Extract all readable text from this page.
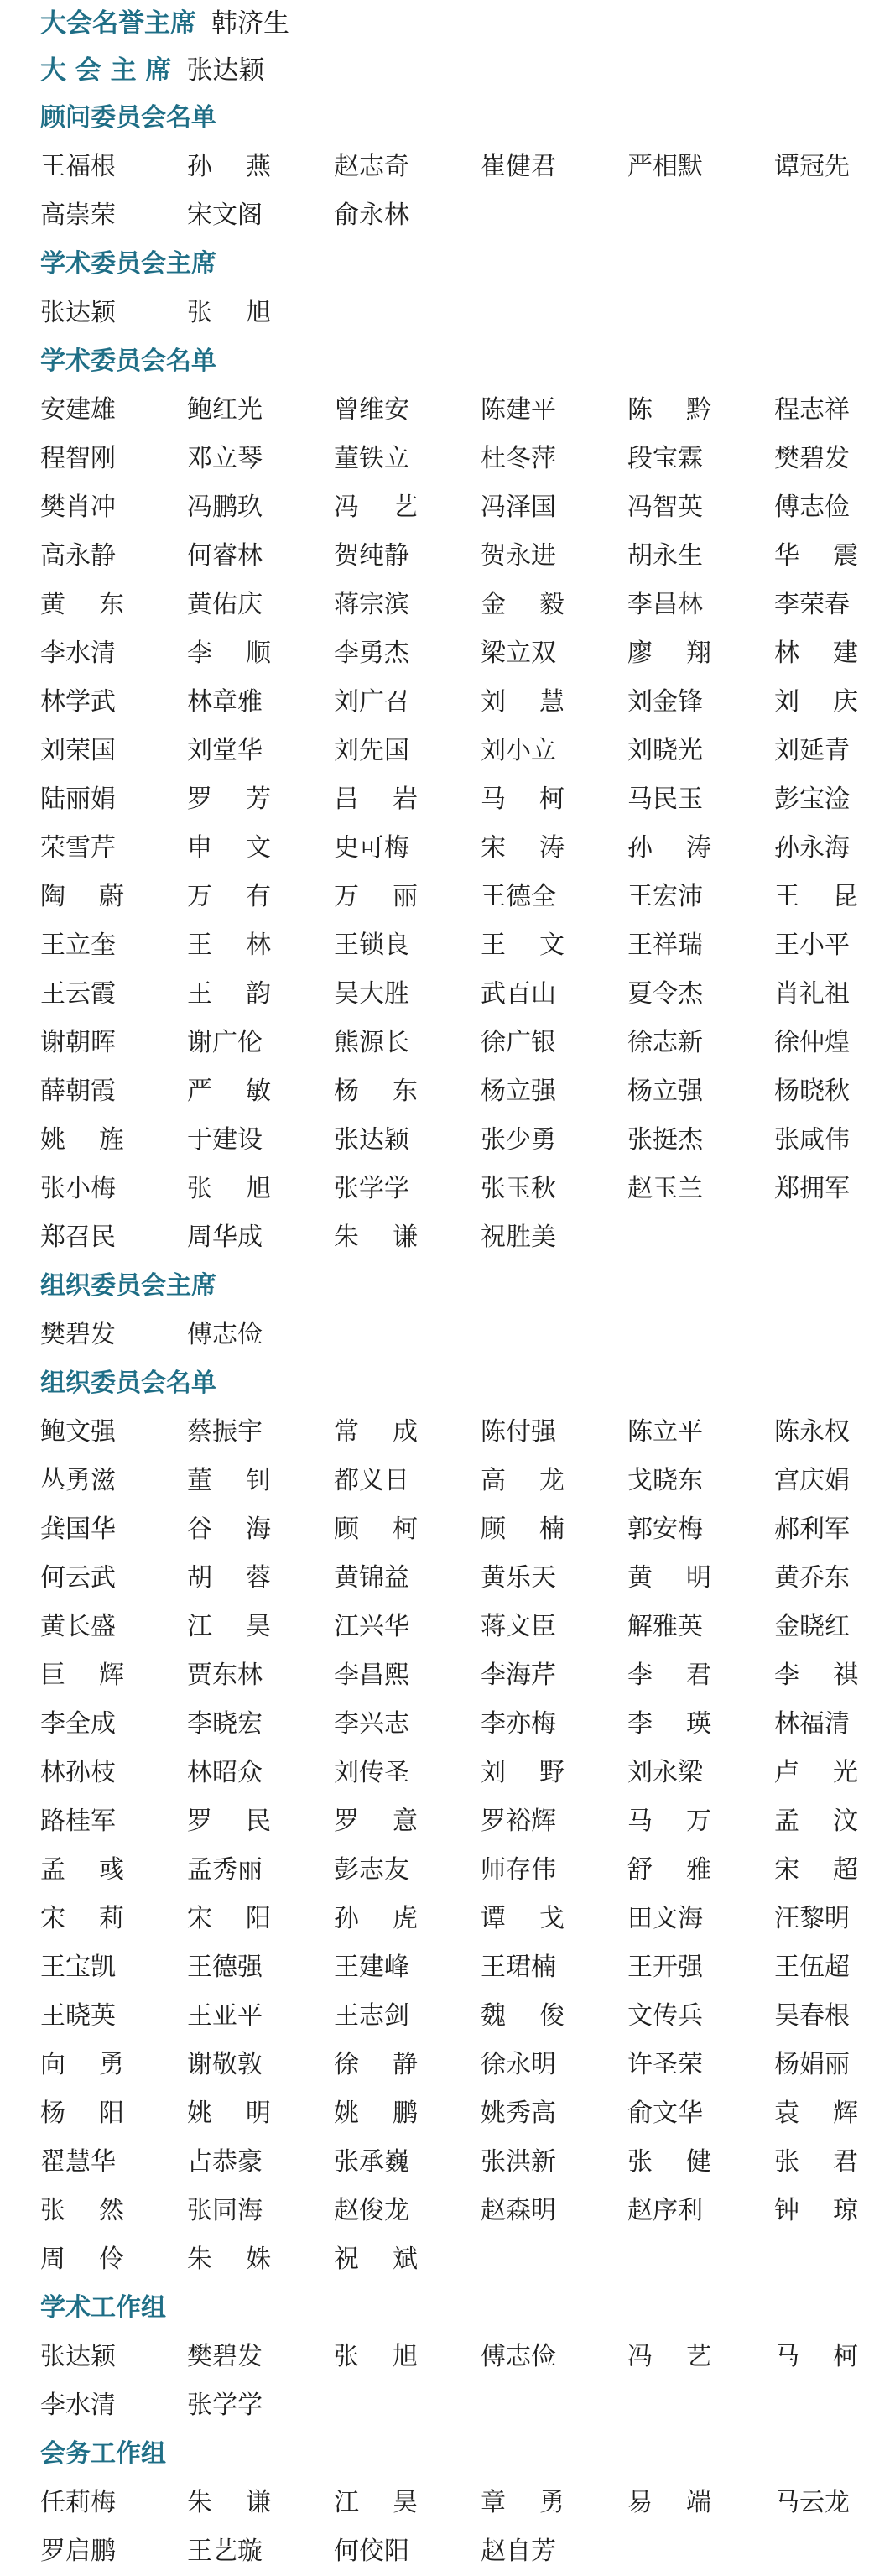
大会名誉主席 韩济生
大 会 主 席 张达颖
顾问委员会名单
王福根	孙 燕	赵志奇	崔健君	严相默	谭冠先
高崇荣	宋文阁	俞永林
学术委员会主席
张达颖	张 旭
学术委员会名单
安建雄	鲍红光	曾维安	陈建平	陈 黔	程志祥
程智刚	邓立琴	董铁立	杜冬萍	段宝霖	樊碧发
樊肖冲	冯鹏玖	冯 艺	冯泽国	冯智英	傅志俭
高永静	何睿林	贺纯静	贺永进	胡永生	华 震
黄 东	黄佑庆	蒋宗滨	金 毅	李昌林	李荣春
李水清	李 顺	李勇杰	梁立双	廖 翔	林 建
林学武	林章雅	刘广召	刘 慧	刘金锋	刘 庆
刘荣国	刘堂华	刘先国	刘小立	刘晓光	刘延青
陆丽娟	罗 芳	吕 岩	马 柯	马民玉	彭宝淦
荣雪芹	申 文	史可梅	宋 涛	孙 涛	孙永海
陶 蔚	万 有	万 丽	王德全	王宏沛	王 昆
王立奎	王 林	王锁良	王 文	王祥瑞	王小平
王云霞	王 韵	吴大胜	武百山	夏令杰	肖礼祖
谢朝晖	谢广伦	熊源长	徐广银	徐志新	徐仲煌
薛朝霞	严 敏	杨 东	杨立强	杨立强	杨晓秋
姚 旌	于建设	张达颖	张少勇	张挺杰	张咸伟
张小梅	张 旭	张学学	张玉秋	赵玉兰	郑拥军
郑召民	周华成	朱 谦	祝胜美
组织委员会主席
樊碧发	傅志俭
组织委员会名单
鲍文强	蔡振宇	常 成	陈付强	陈立平	陈永权
丛勇滋	董 钊	都义日	高 龙	戈晓东	宫庆娟
龚国华	谷 海	顾 柯	顾 楠	郭安梅	郝利军
何云武	胡 蓉	黄锦益	黄乐天	黄 明	黄乔东
黄长盛	江 昊	江兴华	蒋文臣	解雅英	金晓红
巨 辉	贾东林	李昌熙	李海芹	李 君	李 祺
李全成	李晓宏	李兴志	李亦梅	李 瑛	林福清
林孙枝	林昭众	刘传圣	刘 野	刘永梁	卢 光
路桂军	罗 民	罗 意	罗裕辉	马 万	孟 汶
孟 彧	孟秀丽	彭志友	师存伟	舒 雅	宋 超
宋 莉	宋 阳	孙 虎	谭 戈	田文海	汪黎明
王宝凯	王德强	王建峰	王珺楠	王开强	王伍超
王晓英	王亚平	王志剑	魏 俊	文传兵	吴春根
向 勇	谢敬敦	徐 静	徐永明	许圣荣	杨娟丽
杨 阳	姚 明	姚 鹏	姚秀高	俞文华	袁 辉
翟慧华	占恭豪	张承巍	张洪新	张 健	张 君
张 然	张同海	赵俊龙	赵森明	赵序利	钟 琼
周 伶	朱 姝	祝 斌
学术工作组
张达颖	樊碧发	张 旭	傅志俭	冯 艺	马 柯
李水清	张学学
会务工作组
任莉梅	朱 谦	江 昊	章 勇	易 端	马云龙
罗启鹏	王艺璇	何佼阳	赵自芳
